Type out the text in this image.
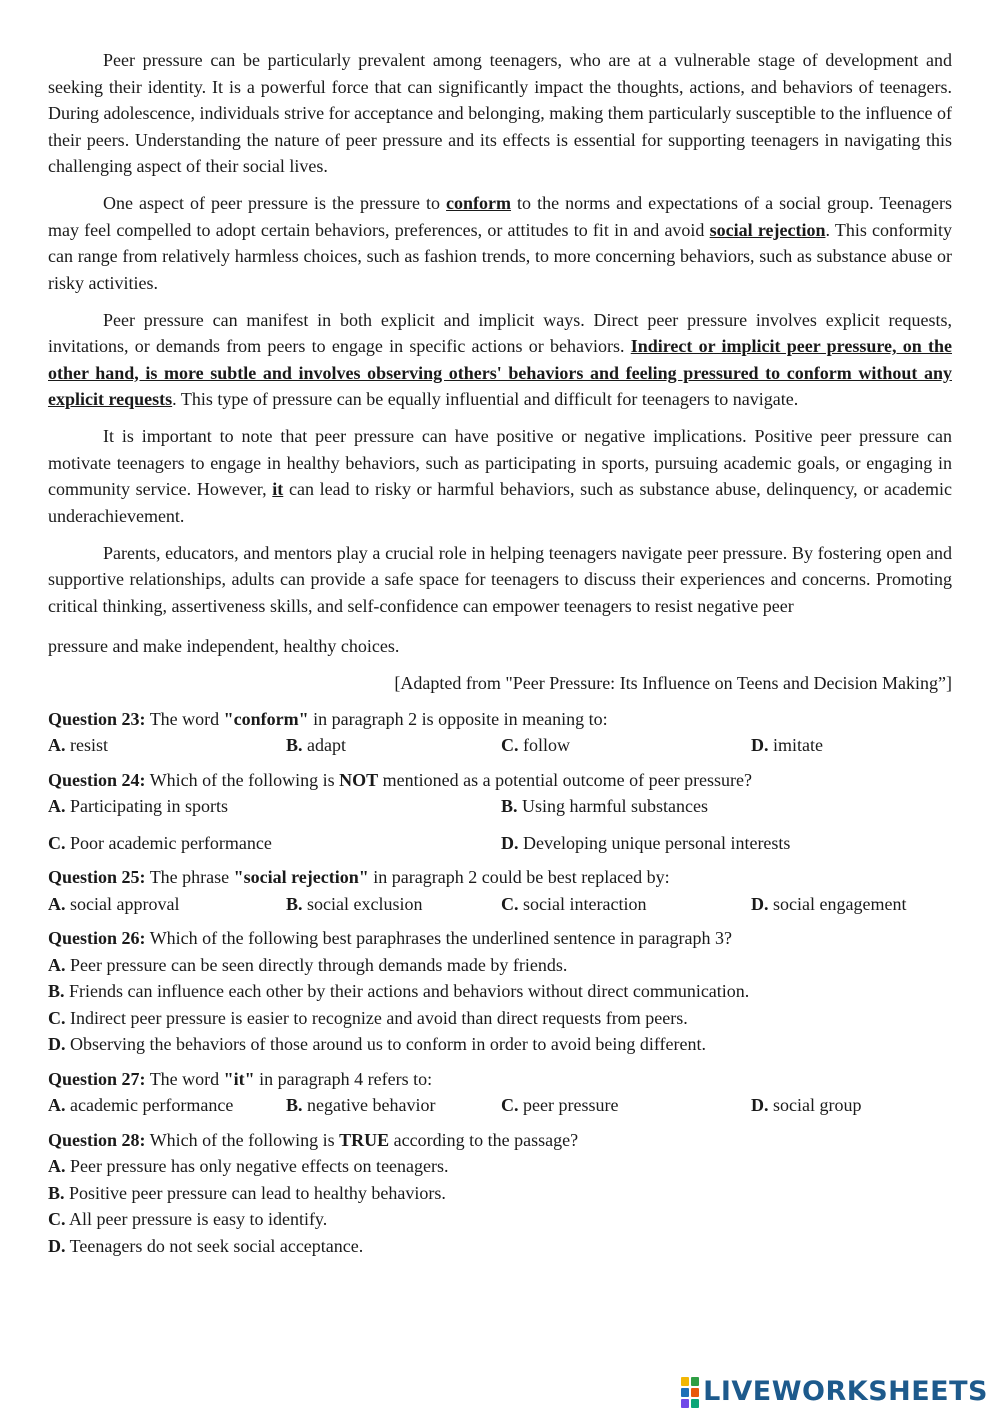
Peer pressure can be particularly prevalent among teenagers, who are at a vulnerable stage of development and seeking their identity. It is a powerful force that can significantly impact the thoughts, actions, and behaviors of teenagers. During adolescence, individuals strive for acceptance and belonging, making them particularly susceptible to the influence of their peers. Understanding the nature of peer pressure and its effects is essential for supporting teenagers in navigating this challenging aspect of their social lives.

One aspect of peer pressure is the pressure to conform to the norms and expectations of a social group. Teenagers may feel compelled to adopt certain behaviors, preferences, or attitudes to fit in and avoid social rejection. This conformity can range from relatively harmless choices, such as fashion trends, to more concerning behaviors, such as substance abuse or risky activities.

Peer pressure can manifest in both explicit and implicit ways. Direct peer pressure involves explicit requests, invitations, or demands from peers to engage in specific actions or behaviors. Indirect or implicit peer pressure, on the other hand, is more subtle and involves observing others' behaviors and feeling pressured to conform without any explicit requests. This type of pressure can be equally influential and difficult for teenagers to navigate.

It is important to note that peer pressure can have positive or negative implications. Positive peer pressure can motivate teenagers to engage in healthy behaviors, such as participating in sports, pursuing academic goals, or engaging in community service. However, it can lead to risky or harmful behaviors, such as substance abuse, delinquency, or academic underachievement.

Parents, educators, and mentors play a crucial role in helping teenagers navigate peer pressure. By fostering open and supportive relationships, adults can provide a safe space for teenagers to discuss their experiences and concerns. Promoting critical thinking, assertiveness skills, and self-confidence can empower teenagers to resist negative peer

pressure and make independent, healthy choices.

[Adapted from "Peer Pressure: Its Influence on Teens and Decision Making”]

Question 23: The word "conform" in paragraph 2 is opposite in meaning to:

A. resist	B. adapt	C. follow	D. imitate

Question 24: Which of the following is NOT mentioned as a potential outcome of peer pressure?

A. Participating in sports	B. Using harmful substances
C. Poor academic performance	D. Developing unique personal interests

Question 25: The phrase "social rejection" in paragraph 2 could be best replaced by:

A. social approval	B. social exclusion	C. social interaction	D. social engagement

Question 26: Which of the following best paraphrases the underlined sentence in paragraph 3?

A. Peer pressure can be seen directly through demands made by friends.
B. Friends can influence each other by their actions and behaviors without direct communication.
C. Indirect peer pressure is easier to recognize and avoid than direct requests from peers.
D. Observing the behaviors of those around us to conform in order to avoid being different.

Question 27: The word "it" in paragraph 4 refers to:

A. academic performance	B. negative behavior	C. peer pressure	D. social group

Question 28: Which of the following is TRUE according to the passage?

A. Peer pressure has only negative effects on teenagers.
B. Positive peer pressure can lead to healthy behaviors.
C. All peer pressure is easy to identify.
D. Teenagers do not seek social acceptance.
LIVEWORKSHEETS
